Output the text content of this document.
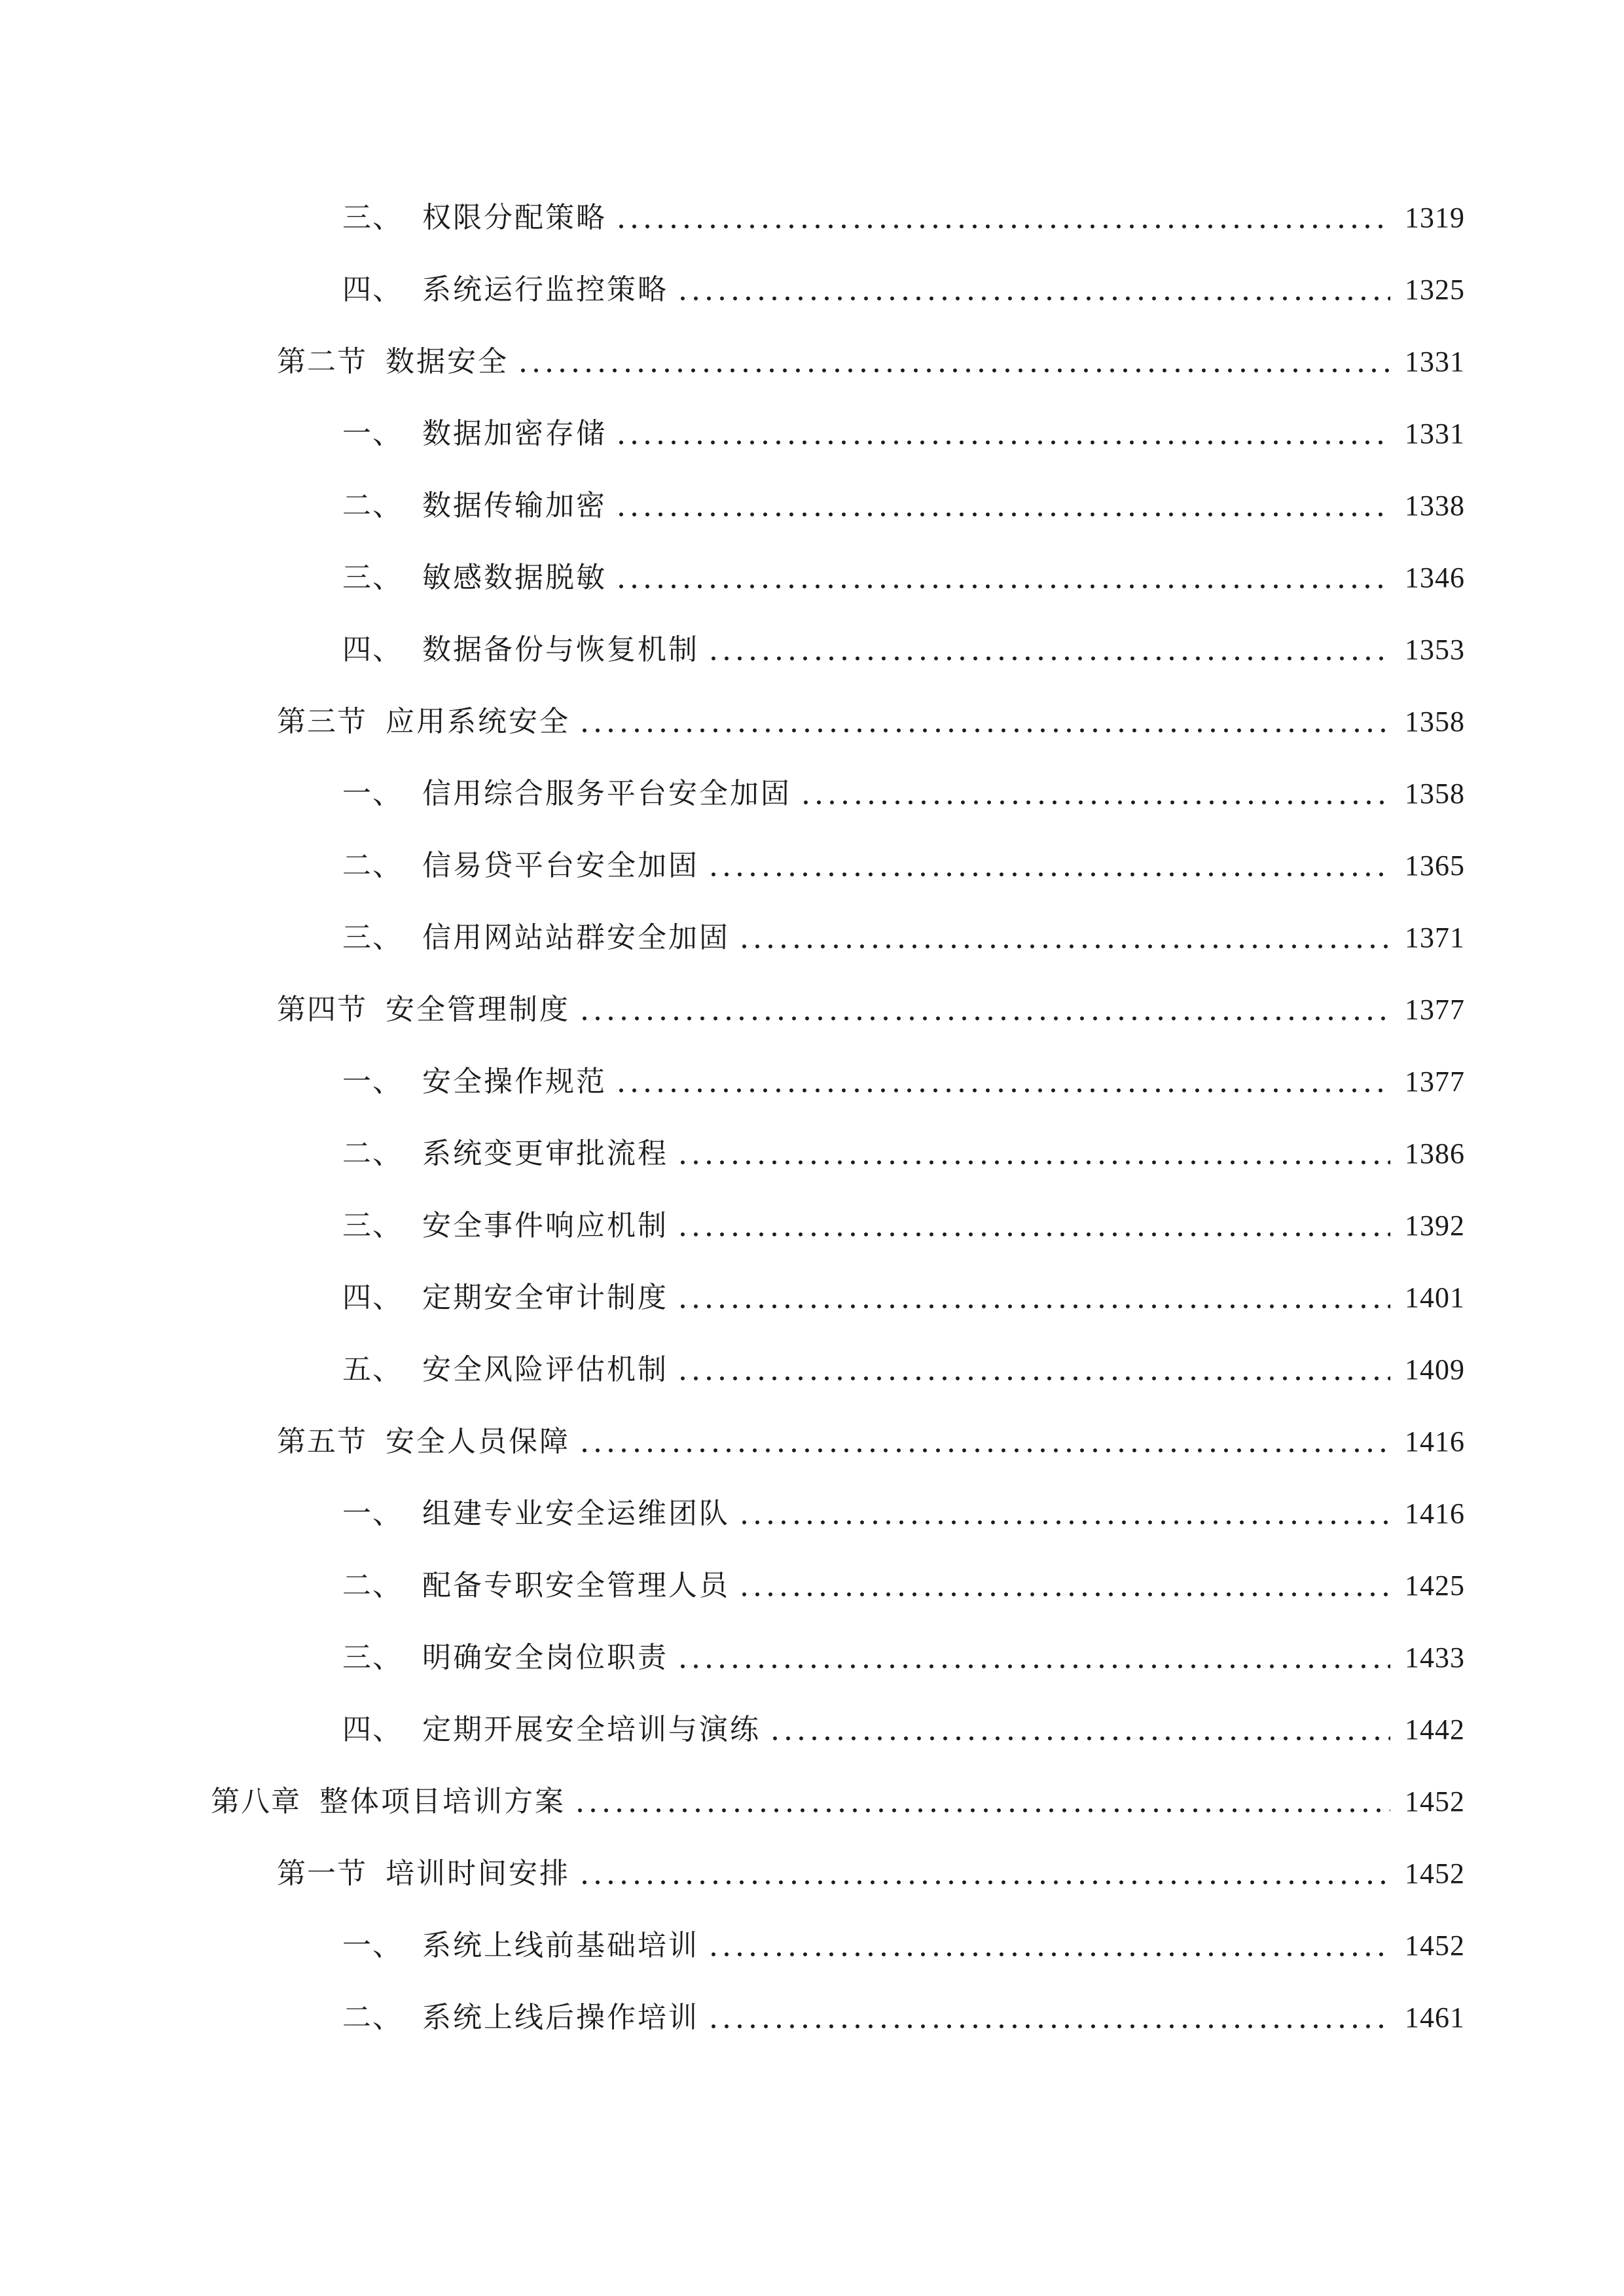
三、 权限分配策略	1319
四、 系统运行监控策略	1325
第二节 数据安全	1331
一、 数据加密存储	1331
二、 数据传输加密	1338
三、 敏感数据脱敏	1346
四、 数据备份与恢复机制	1353
第三节 应用系统安全	1358
一、 信用综合服务平台安全加固	1358
二、 信易贷平台安全加固	1365
三、 信用网站站群安全加固	1371
第四节 安全管理制度	1377
一、 安全操作规范	1377
二、 系统变更审批流程	1386
三、 安全事件响应机制	1392
四、 定期安全审计制度	1401
五、 安全风险评估机制	1409
第五节 安全人员保障	1416
一、 组建专业安全运维团队	1416
二、 配备专职安全管理人员	1425
三、 明确安全岗位职责	1433
四、 定期开展安全培训与演练	1442
第八章 整体项目培训方案	1452
第一节 培训时间安排	1452
一、 系统上线前基础培训	1452
二、 系统上线后操作培训	1461
